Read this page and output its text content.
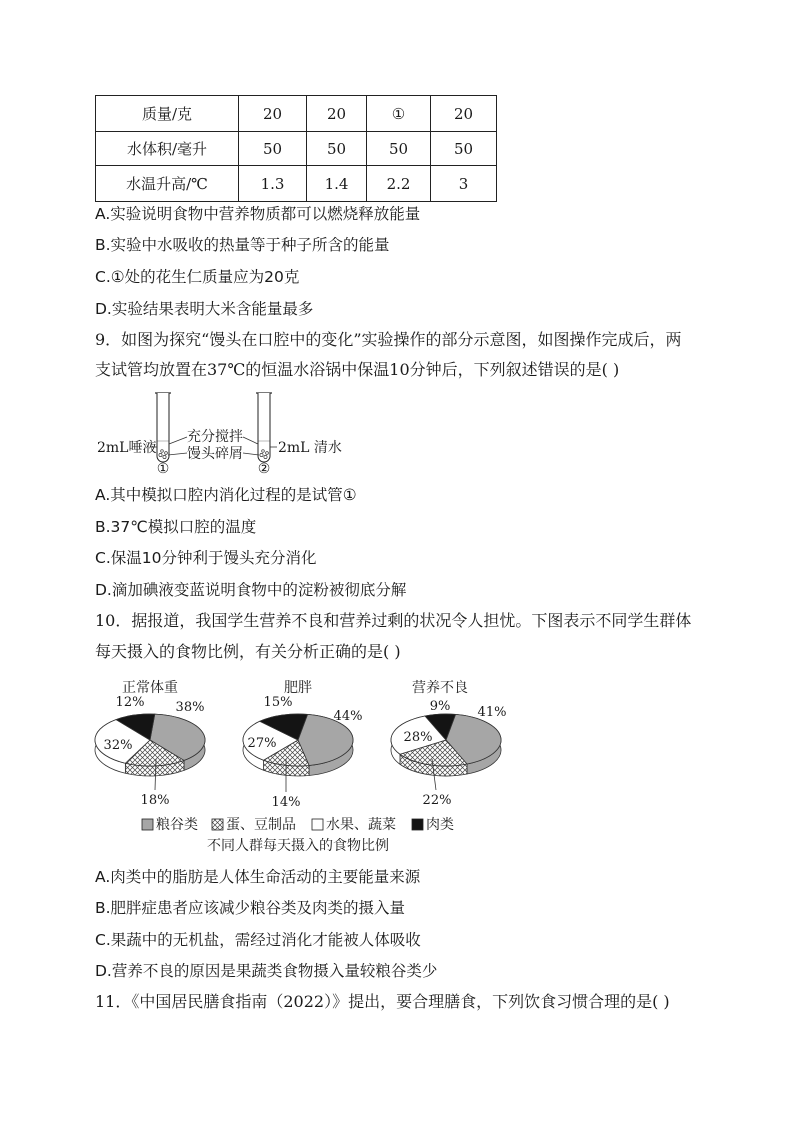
质量/克	20	20	①	20
水体积/毫升	50	50	50	50
水温升高/℃	1.3	1.4	2.2	3
A.实验说明食物中营养物质都可以燃烧释放能量
B.实验中水吸收的热量等于种子所含的能量
C.①处的花生仁质量应为20克
D.实验结果表明大米含能量最多
9．如图为探究“馒头在口腔中的变化”实验操作的部分示意图，如图操作完成后，两
支试管均放置在37℃的恒温水浴锅中保温10分钟后，下列叙述错误的是( )
2mL唾液
充分搅拌
馒头碎屑	2mL 清水
①	②
A.其中模拟口腔内消化过程的是试管①
B.37℃模拟口腔的温度
C.保温10分钟利于馒头充分消化
D.滴加碘液变蓝说明食物中的淀粉被彻底分解
10．据报道，我国学生营养不良和营养过剩的状况令人担忧。下图表示不同学生群体
每天摄入的食物比例，有关分析正确的是( )
正常体重	肥胖	营养不良
38%
18%
32%
12%
44%
14%
27%
15%
41%
22%
28%
9%
粮谷类 蛋、豆制品 水果、蔬菜 肉类
不同人群每天摄入的食物比例
A.肉类中的脂肪是人体生命活动的主要能量来源
B.肥胖症患者应该减少粮谷类及肉类的摄入量
C.果蔬中的无机盐，需经过消化才能被人体吸收
D.营养不良的原因是果蔬类食物摄入量较粮谷类少
11．《中国居民膳食指南（2022）》提出，要合理膳食，下列饮食习惯合理的是( )
